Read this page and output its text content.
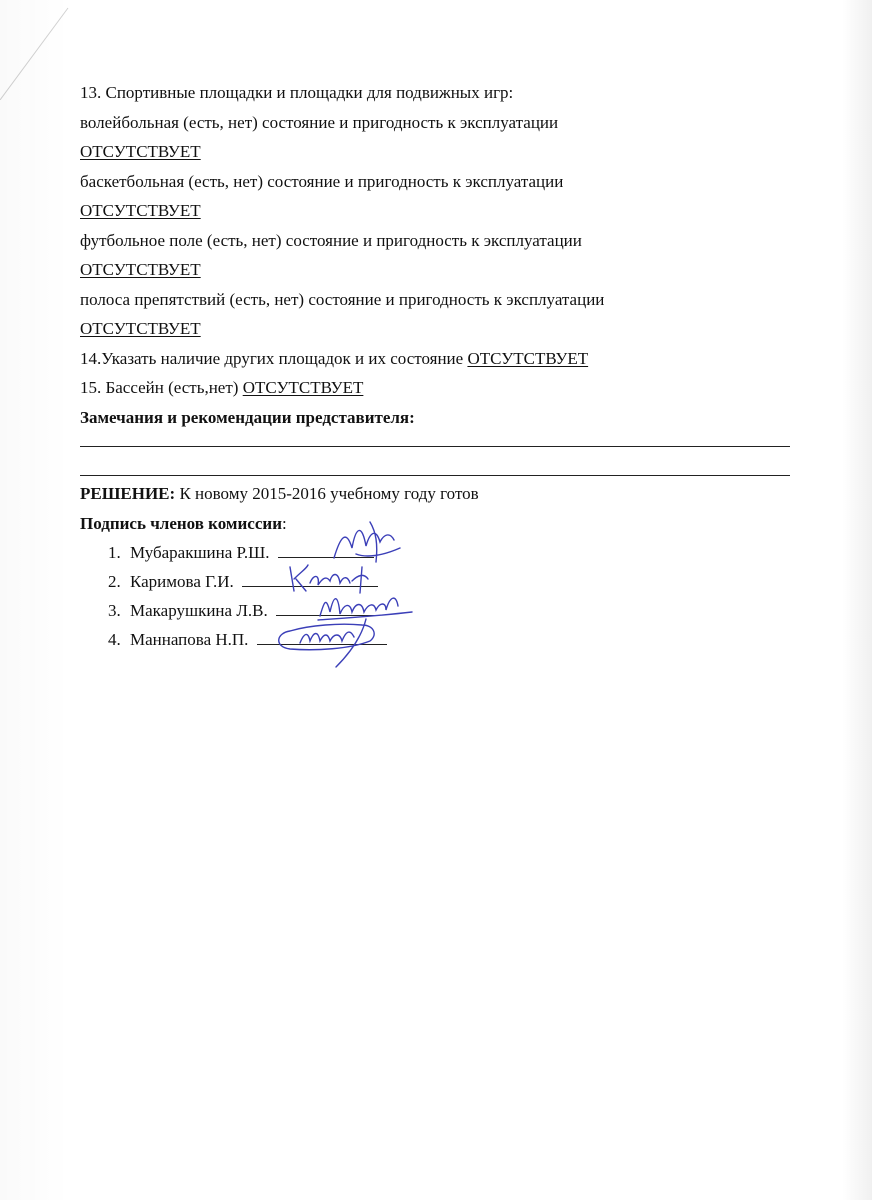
13. Спортивные площадки и площадки для подвижных игр:
волейбольная (есть, нет) состояние и пригодность к эксплуатации
ОТСУТСТВУЕТ
баскетбольная (есть, нет) состояние и пригодность к эксплуатации
ОТСУТСТВУЕТ
футбольное поле (есть, нет) состояние и пригодность к эксплуатации
ОТСУТСТВУЕТ
полоса препятствий (есть, нет) состояние и пригодность к эксплуатации
ОТСУТСТВУЕТ
14.Указать наличие других площадок и их состояние ОТСУТСТВУЕТ
15. Бассейн (есть,нет) ОТСУТСТВУЕТ
Замечания и рекомендации представителя:
РЕШЕНИЕ: К новому 2015-2016 учебному году готов
Подпись членов комиссии:
1. Мубаракшина Р.Ш.
2. Каримова Г.И.
3. Макарушкина Л.В.
4. Маннапова Н.П.
